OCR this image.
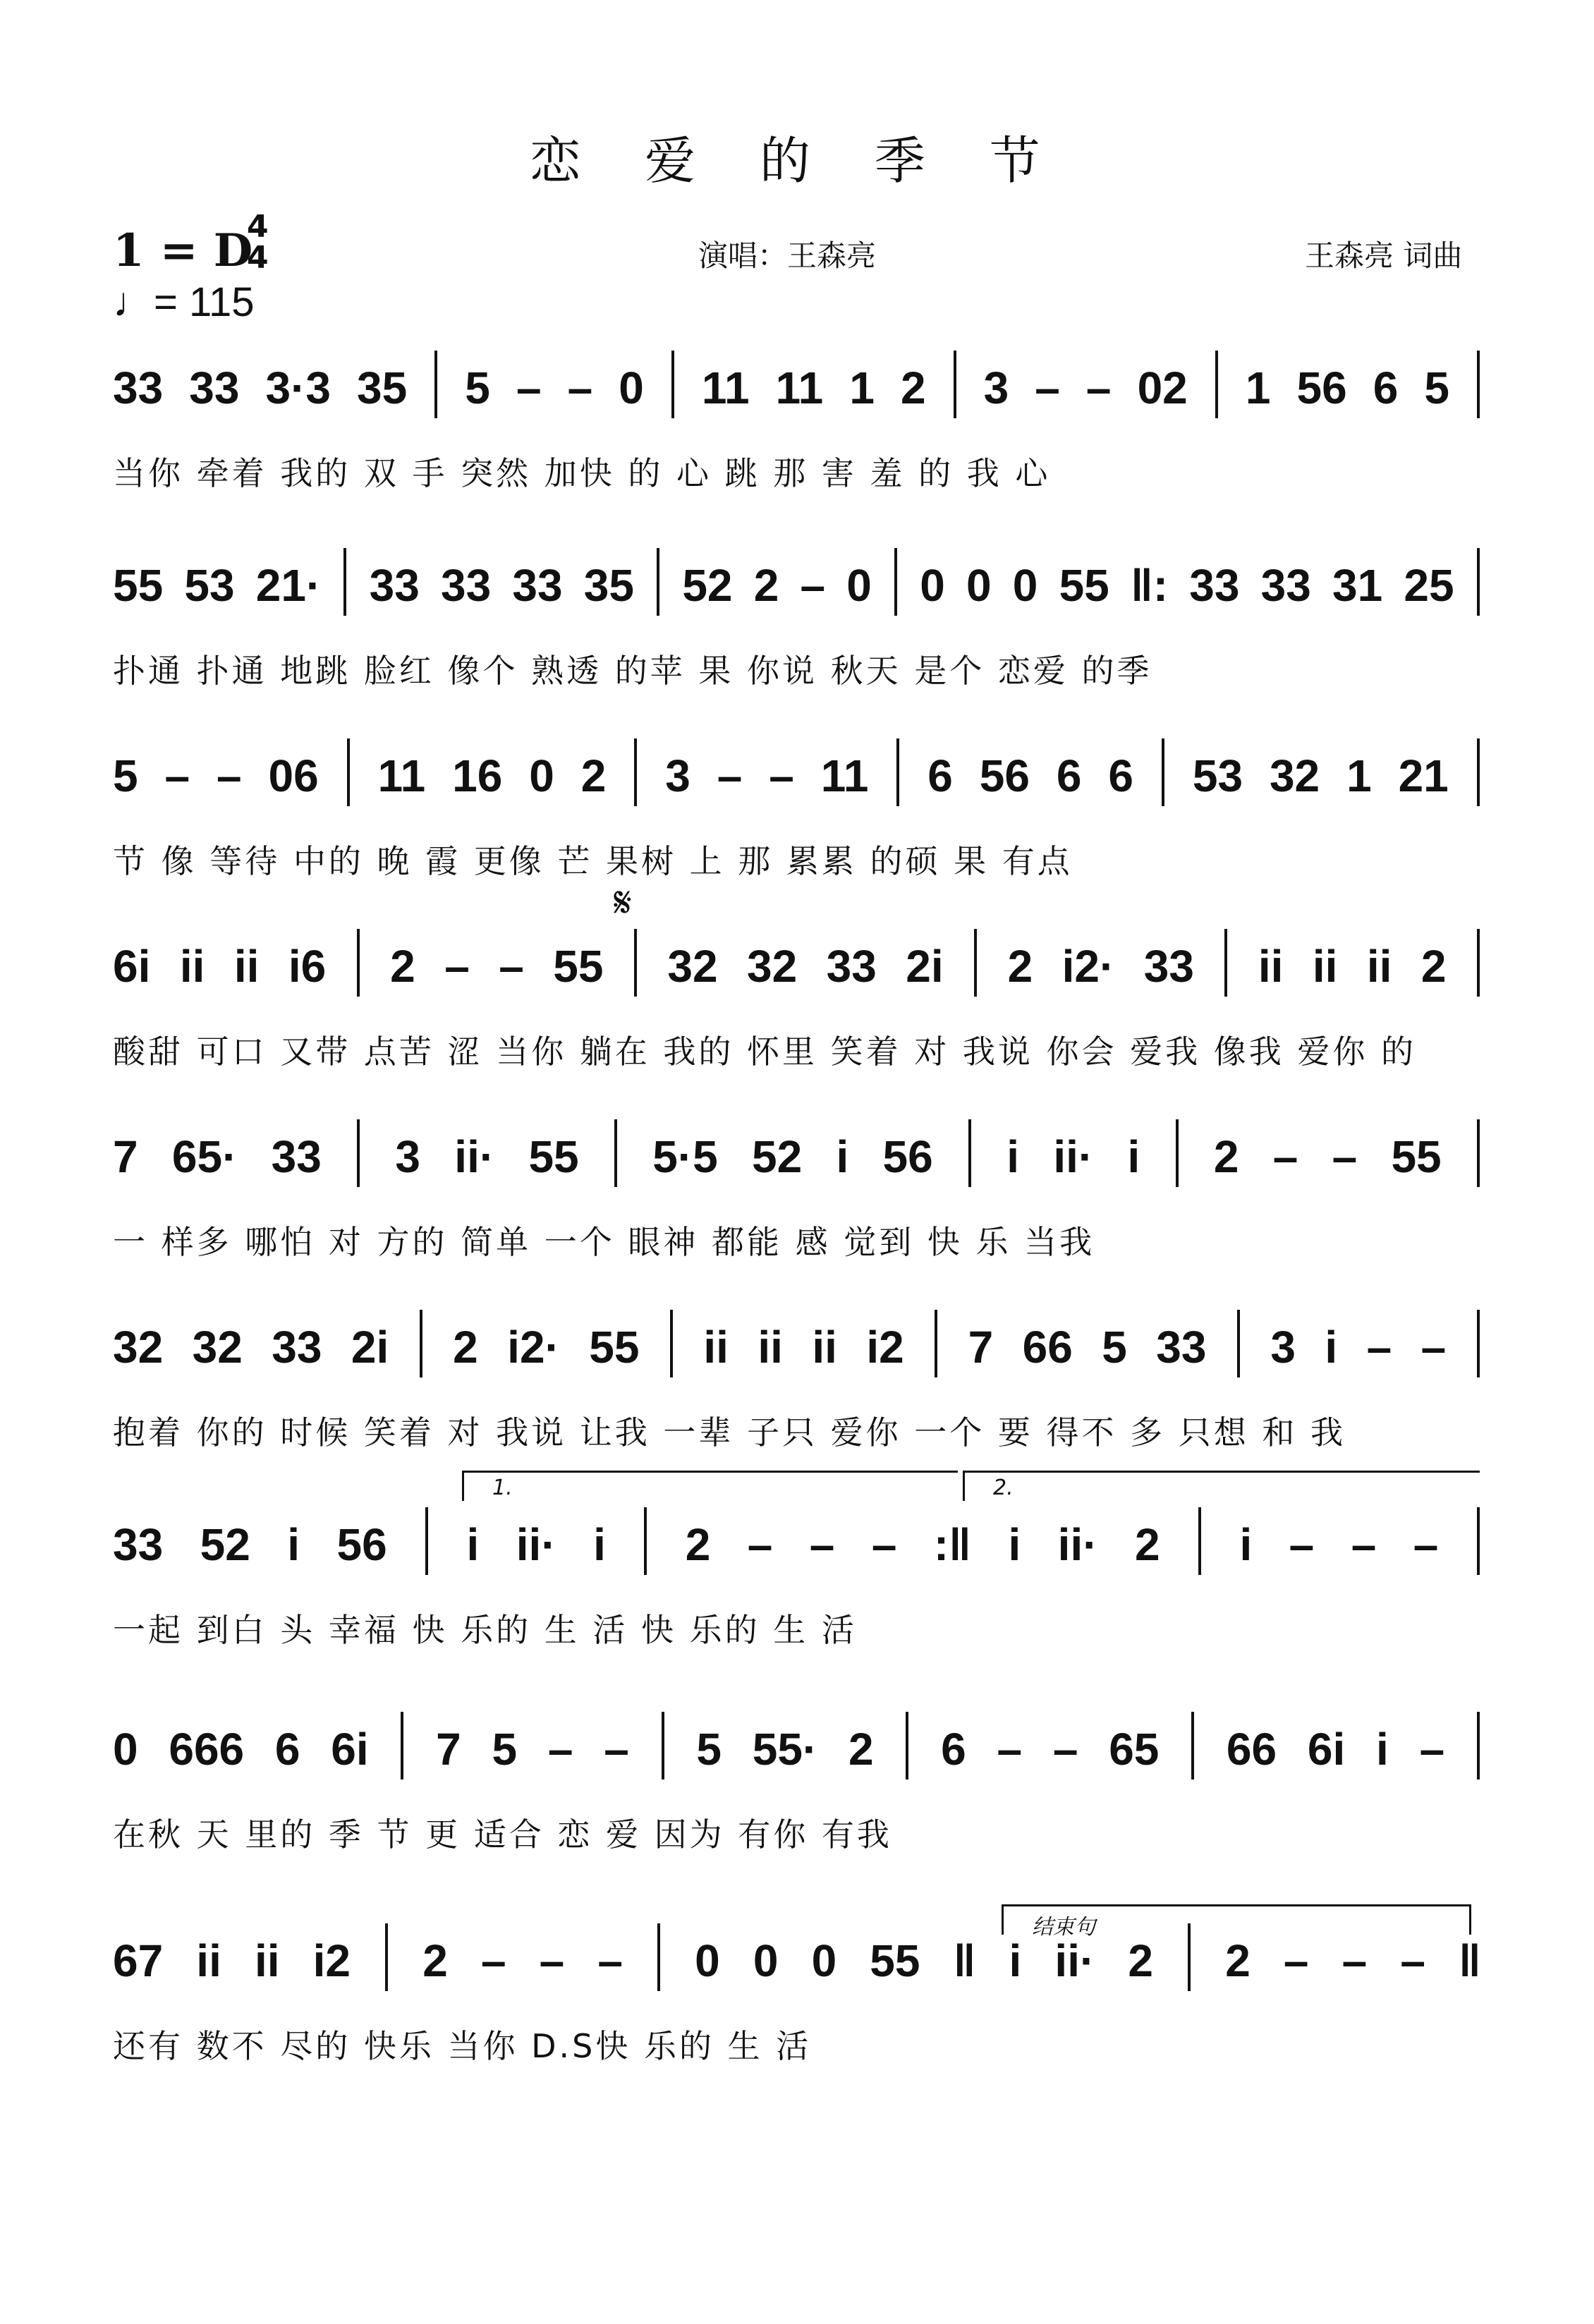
恋 爱 的 季 节
1 = D
4
4
♩= 115
演唱：王森亮	王森亮 词曲
𝄋
1.	2.
结束句
33 33 3·3 35 5 – – 0 11 11 1 2 3 – – 02 1 56 6 5
当你 牵着 我的 双 手 突然 加快 的 心 跳 那 害 羞 的 我 心
55 53 21· 33 33 33 35 52 2 – 0 0 0 0 55 ‖: 33 33 31 25
扑通 扑通 地跳 脸红 像个 熟透 的苹 果 你说 秋天 是个 恋爱 的季
5 – – 06 11 16 0 2 3 – – 11 6 56 6 6 53 32 1 21
节 像 等待 中的 晚 霞 更像 芒 果树 上 那 累累 的硕 果 有点
6i ii ii i6 2 – – 55 32 32 33 2i 2 i2· 33 ii ii ii 2
酸甜 可口 又带 点苦 涩 当你 躺在 我的 怀里 笑着 对 我说 你会 爱我 像我 爱你 的
7 65· 33 3 ii· 55 5·5 52 i 56 i ii· i 2 – – 55
一 样多 哪怕 对 方的 简单 一个 眼神 都能 感 觉到 快 乐 当我
32 32 33 2i 2 i2· 55 ii ii ii i2 7 66 5 33 3 i – –
抱着 你的 时候 笑着 对 我说 让我 一辈 子只 爱你 一个 要 得不 多 只想 和 我
33 52 i 56 i ii· i 2 – – – :‖ i ii· 2 i – – –
一起 到白 头 幸福 快 乐的 生 活 快 乐的 生 活
0 666 6 6i 7 5 – – 5 55· 2 6 – – 65 66 6i i –
在秋 天 里的 季 节 更 适合 恋 爱 因为 有你 有我
67 ii ii i2 2 – – – 0 0 0 55 ‖ i ii· 2 2 – – – ‖
还有 数不 尽的 快乐 当你 D.S快 乐的 生 活
